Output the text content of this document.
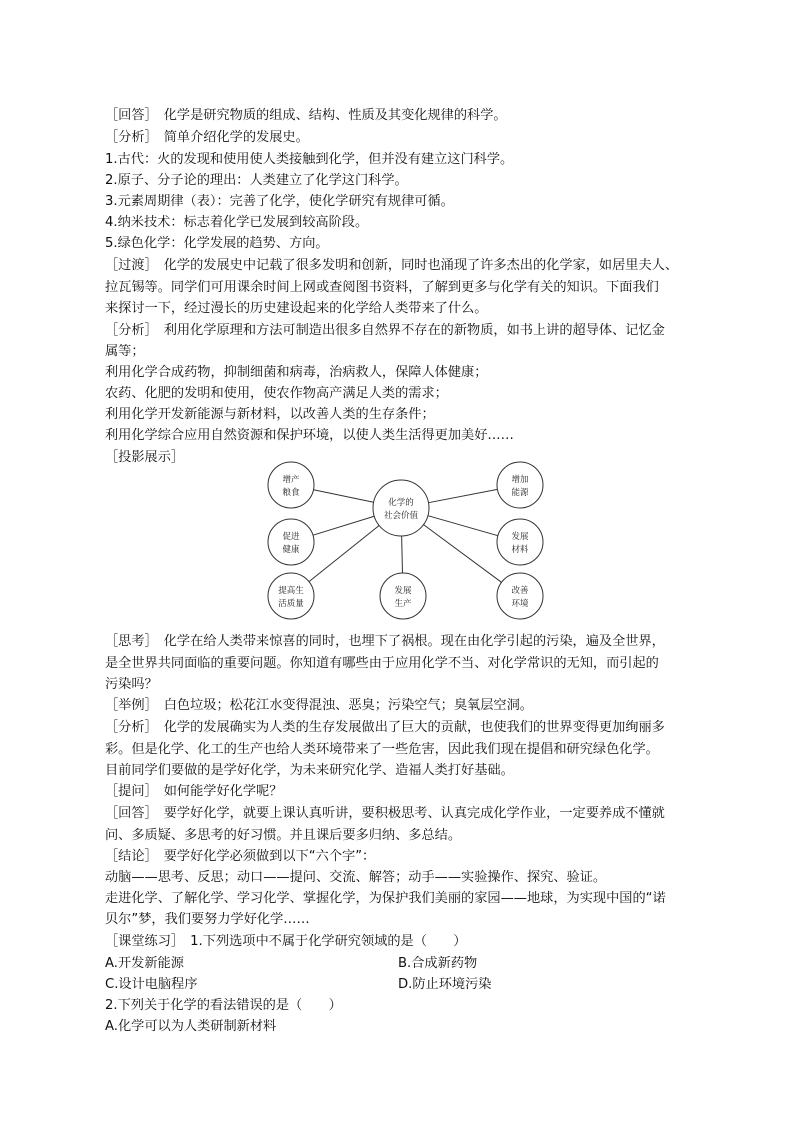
［回答］ 化学是研究物质的组成、结构、性质及其变化规律的科学。
［分析］ 简单介绍化学的发展史。
1.古代：火的发现和使用使人类接触到化学，但并没有建立这门科学。
2.原子、分子论的理出：人类建立了化学这门科学。
3.元素周期律（表）：完善了化学，使化学研究有规律可循。
4.纳米技术：标志着化学已发展到较高阶段。
5.绿色化学：化学发展的趋势、方向。
［过渡］ 化学的发展史中记载了很多发明和创新，同时也涌现了许多杰出的化学家，如居里夫人、
拉瓦锡等。同学们可用课余时间上网或查阅图书资料，了解到更多与化学有关的知识。下面我们
来探讨一下，经过漫长的历史建设起来的化学给人类带来了什么。
［分析］ 利用化学原理和方法可制造出很多自然界不存在的新物质，如书上讲的超导体、记忆金
属等；
利用化学合成药物，抑制细菌和病毒，治病救人，保障人体健康；
农药、化肥的发明和使用，使农作物高产满足人类的需求；
利用化学开发新能源与新材料，以改善人类的生存条件；
利用化学综合应用自然资源和保护环境，以使人类生活得更加美好……
［投影展示］
增产
粮食
增加
能源
促进
健康
发展
材料
提高生
活质量
发展
生产
改善
环境
化学的
社会价值
［思考］ 化学在给人类带来惊喜的同时，也埋下了祸根。现在由化学引起的污染，遍及全世界，
是全世界共同面临的重要问题。你知道有哪些由于应用化学不当、对化学常识的无知，而引起的
污染吗？
［举例］ 白色垃圾；松花江水变得混浊、恶臭；污染空气；臭氧层空洞。
［分析］ 化学的发展确实为人类的生存发展做出了巨大的贡献，也使我们的世界变得更加绚丽多
彩。但是化学、化工的生产也给人类环境带来了一些危害，因此我们现在提倡和研究绿色化学。
目前同学们要做的是学好化学，为未来研究化学、造福人类打好基础。
［提问］ 如何能学好化学呢？
［回答］ 要学好化学，就要上课认真听讲，要积极思考、认真完成化学作业，一定要养成不懂就
问、多质疑、多思考的好习惯。并且课后要多归纳、多总结。
［结论］ 要学好化学必须做到以下“六个字”：
动脑——思考、反思；动口——提问、交流、解答；动手——实验操作、探究、验证。
走进化学、了解化学、学习化学、掌握化学，为保护我们美丽的家园——地球，为实现中国的“诺
贝尔”梦，我们要努力学好化学……
［课堂练习］ 1.下列选项中不属于化学研究领域的是（　　）
A.开发新能源	B.合成新药物
C.设计电脑程序	D.防止环境污染
2.下列关于化学的看法错误的是（　　）
A.化学可以为人类研制新材料
